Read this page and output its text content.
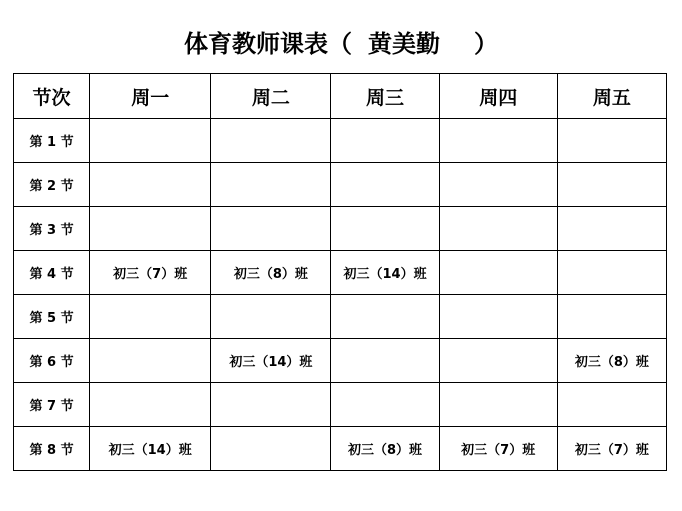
体育教师课表（ 黄美勤 ）
节次	周一	周二	周三	周四	周五
第 1 节					
第 2 节					
第 3 节					
第 4 节	初三（7）班	初三（8）班	初三（14）班		
第 5 节					
第 6 节		初三（14）班			初三（8）班
第 7 节					
第 8 节	初三（14）班		初三（8）班	初三（7）班	初三（7）班
